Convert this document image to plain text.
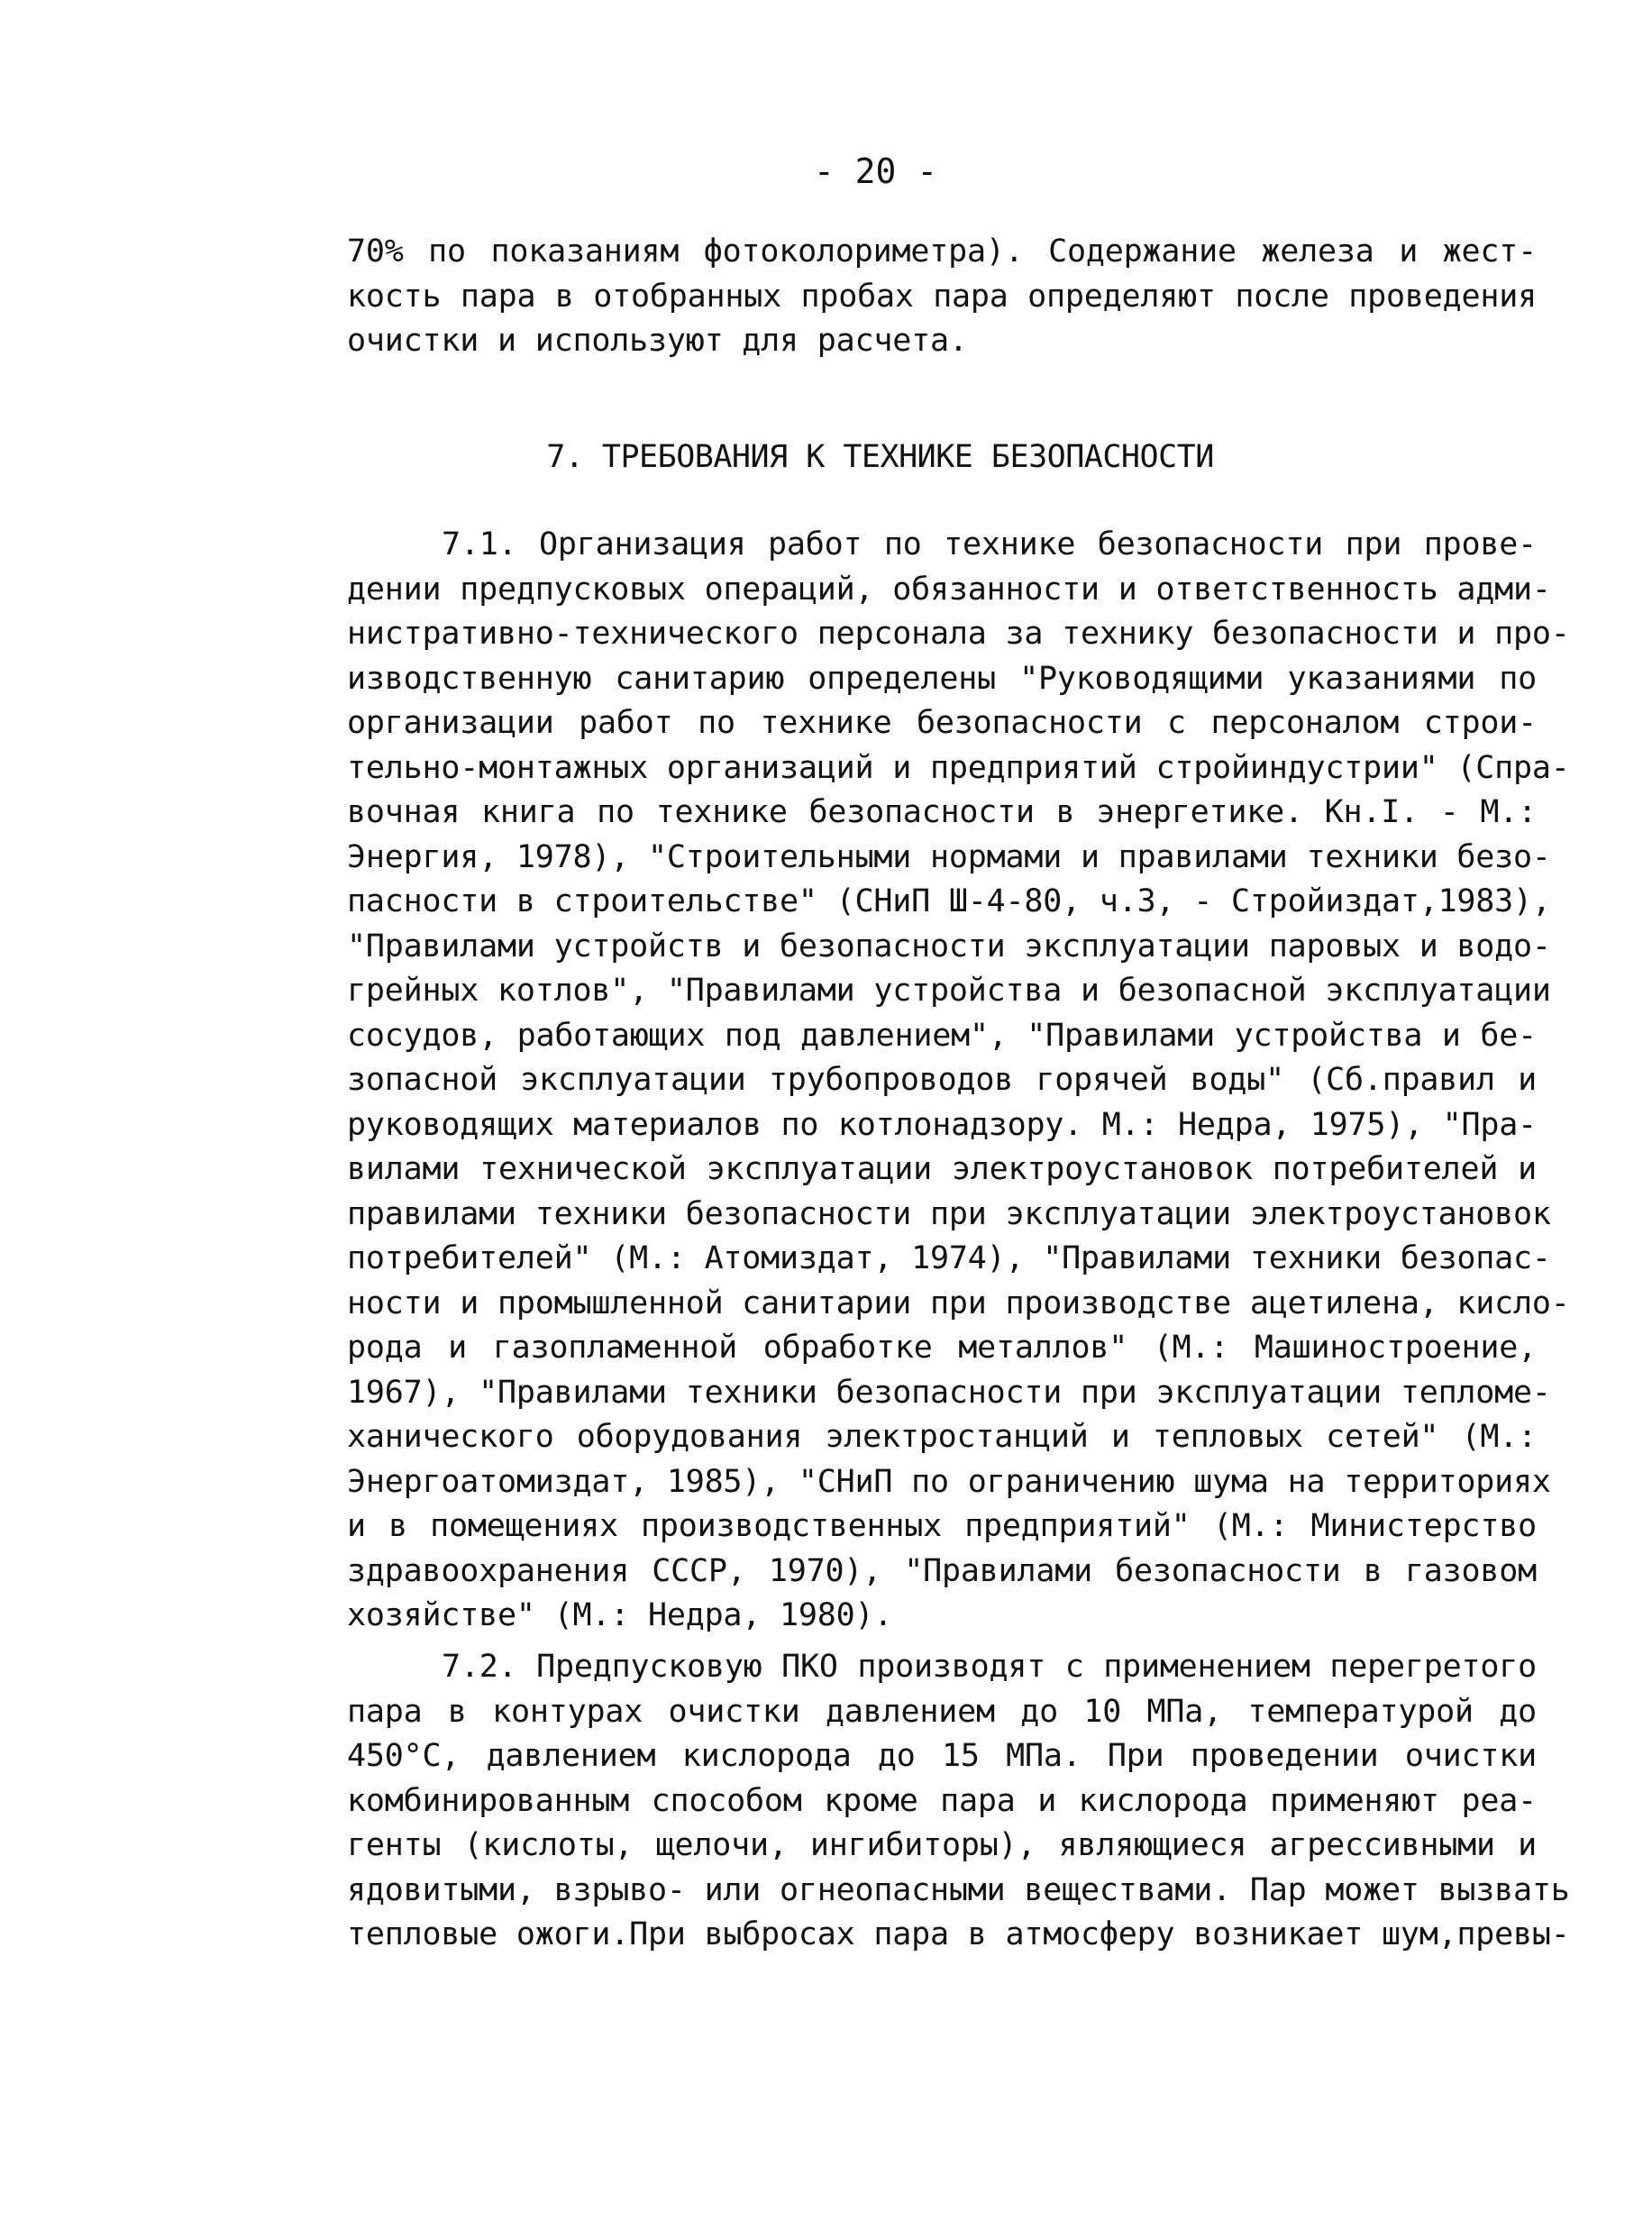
- 20 -
70% по показаниям фотоколориметра). Содержание железа и жест-
кость пара в отобранных пробах пара определяют после проведения
очистки и используют для расчета.
7. ТРЕБОВАНИЯ К ТЕХНИКЕ БЕЗОПАСНОСТИ
7.1. Организация работ по технике безопасности при прове-
дении предпусковых операций, обязанности и ответственность адми-
нистративно-технического персонала за технику безопасности и про-
изводственную санитарию определены "Руководящими указаниями по
организации работ по технике безопасности с персоналом строи-
тельно-монтажных организаций и предприятий стройиндустрии" (Спра-
вочная книга по технике безопасности в энергетике. Кн.I. - М.:
Энергия, 1978), "Строительными нормами и правилами техники безо-
пасности в строительстве" (СНиП Ш-4-80, ч.3, - Стройиздат,1983),
"Правилами устройств и безопасности эксплуатации паровых и водо-
грейных котлов", "Правилами устройства и безопасной эксплуатации
сосудов, работающих под давлением", "Правилами устройства и бе-
зопасной эксплуатации трубопроводов горячей воды" (Сб.правил и
руководящих материалов по котлонадзору. М.: Недра, 1975), "Пра-
вилами технической эксплуатации электроустановок потребителей и
правилами техники безопасности при эксплуатации электроустановок
потребителей" (М.: Атомиздат, 1974), "Правилами техники безопас-
ности и промышленной санитарии при производстве ацетилена, кисло-
рода и газопламенной обработке металлов" (М.: Машиностроение,
1967), "Правилами техники безопасности при эксплуатации тепломе-
ханического оборудования электростанций и тепловых сетей" (М.:
Энергоатомиздат, 1985), "СНиП по ограничению шума на территориях
и в помещениях производственных предприятий" (М.: Министерство
здравоохранения СССР, 1970), "Правилами безопасности в газовом
хозяйстве" (М.: Недра, 1980).
7.2. Предпусковую ПКО производят с применением перегретого
пара в контурах очистки давлением до 10 МПа, температурой до
450°С, давлением кислорода до 15 МПа. При проведении очистки
комбинированным способом кроме пара и кислорода применяют реа-
генты (кислоты, щелочи, ингибиторы), являющиеся агрессивными и
ядовитыми, взрыво- или огнеопасными веществами. Пар может вызвать
тепловые ожоги.При выбросах пара в атмосферу возникает шум,превы-
